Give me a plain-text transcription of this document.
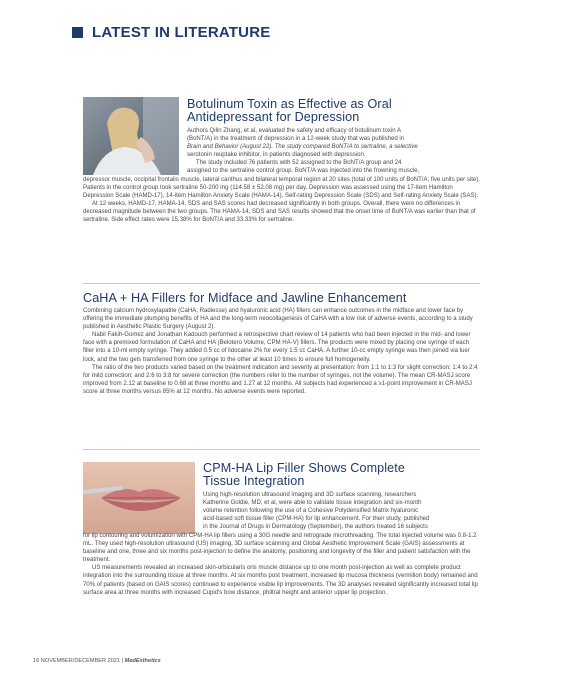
LATEST IN LITERATURE
Botulinum Toxin as Effective as Oral
Antidepressant for Depression

Authors Qilin Zhang, et al, evaluated the safety and efficacy of botulinum toxin A

(BoNT/A) in the treatment of depression in a 12-week study that was published in

Brain and Behavior (August 22). The study compared BoNT/A to sertraline, a selective

serotonin reuptake inhibitor, in patients diagnosed with depression.

The study included 76 patients with 52 assigned to the BoNT/A group and 24

assigned to the sertraline control group. BoNT/A was injected into the frowning muscle,

depressor muscle, occipital frontalis muscle, lateral canthus and bilateral temporal region at 20 sites (total of 100 units of BoNT/A; five units per site). Patients in the control group took sertraline 50-200 mg (114.58 ± 52.08 mg) per day. Depression was assessed using the 17-item Hamilton Depression Scale (HAMD-17), 14-item Hamilton Anxiety Scale (HAMA-14), Self-rating Depression Scale (SDS) and Self-rating Anxiety Scale (SAS).

At 12 weeks, HAMD-17, HAMA-14, SDS and SAS scores had decreased significantly in both groups. Overall, there were no differences in decreased magnitude between the two groups. The HAMA-14, SDS and SAS results showed that the onset time of BoNT/A was earlier than that of sertraline. Side effect rates were 15.38% for BoNT/A and 33.33% for sertraline.

CaHA + HA Fillers for Midface and Jawline Enhancement

Combining calcium hydroxylapatite (CaHA, Radiesse) and hyaluronic acid (HA) fillers can enhance outcomes in the midface and lower face by offering the immediate plumping benefits of HA and the long-term neocollagenesis of CaHA with a low risk of adverse events, according to a study published in Aesthetic Plastic Surgery (August 2).

Nabil Fakih-Gomez and Jonathan Kadouch performed a retrospective chart review of 14 patients who had been injected in the mid- and lower face with a premixed formulation of CaHA and HA (Belotero Volume, CPM HA-V) fillers. The products were mixed by placing one syringe of each filler into a 10-ml empty syringe. They added 0.5 cc of lidocaine 2% for every 1.5 cc CaHA. A further 10-cc empty syringe was then joined via luer lock, and the two gels transferred from one syringe to the other at least 10 times to ensure full homogeneity.

The ratio of the two products varied based on the treatment indication and severity at presentation: from 1:1 to 1:3 for slight correction; 1:4 to 2:4 for mild correction; and 2:6 to 3:8 for severe correction (the numbers refer to the number of syringes, not the volume). The mean CR-MASJ score improved from 2.12 at baseline to 0.68 at three months and 1.27 at 12 months. All subjects had experienced a ≥1-point improvement in CR-MASJ score at three months versus 85% at 12 months. No adverse events were reported.

CPM-HA Lip Filler Shows Complete
Tissue Integration

Using high-resolution ultrasound imaging and 3D surface scanning, researchers

Katherine Goldie, MD, et al, were able to validate tissue integration and six-month

volume retention following the use of a Cohesive Polydensified Matrix hyaluronic

acid-based soft tissue filler (CPM-HA) for lip enhancement. For their study, published

in the Journal of Drugs in Dermatology (September), the authors treated 16 subjects

for lip contouring and volumization with CPM-HA lip fillers using a 30G needle and retrograde microthreading. The total injected volume was 0.8-1.2 mL. They used high-resolution ultrasound (US) imaging, 3D surface scanning and Global Aesthetic Improvement Scale (GAIS) assessments at baseline and one, three and six months post-injection to define the anatomy, positioning and longevity of the filler and patient satisfaction with the treatment.

US measurements revealed an increased skin-orbicularis oris muscle distance up to one month post-injection as well as complete product integration into the surrounding tissue at three months. At six months post treatment, increased lip mucosa thickness (vermilion body) remained and 70% of patients (based on GAIS scores) continued to experience visible lip improvements. The 3D analyses revealed significantly increased total lip surface area at three months with increased Cupid's bow distance, philtral height and anterior upper lip projection.

16 NOVEMBER/DECEMBER 2021 | MedEsthetics
